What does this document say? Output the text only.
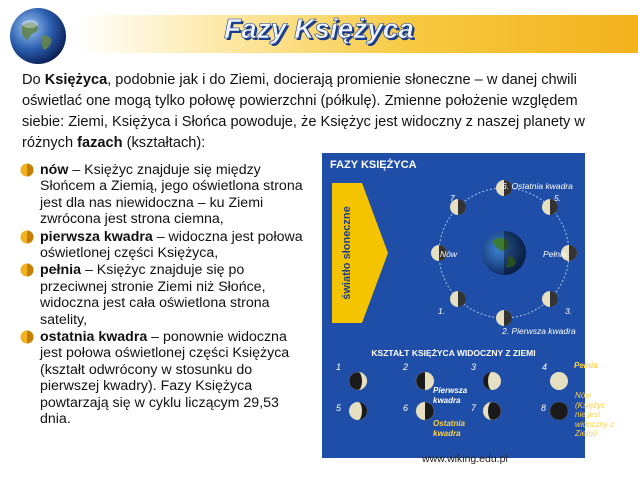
Fazy Księżyca
Do Księżyca, podobnie jak i do Ziemi, docierają promienie słoneczne – w danej chwili oświetlać one mogą tylko połowę powierzchni (półkulę). Zmienne położenie względem siebie: Ziemi, Księżyca i Słońca powoduje, że Księżyc jest widoczny z naszej planety w różnych fazach (kształtach):
nów – Księżyc znajduje się między Słońcem a Ziemią, jego oświetlona strona jest dla nas niewidoczna – ku Ziemi zwrócona jest strona ciemna,
pierwsza kwadra – widoczna jest połowa oświetlonej części Księżyca,
pełnia – Księżyc znajduje się po przeciwnej stronie Ziemi niż Słońce, widoczna jest cała oświetlona strona satelity,
ostatnia kwadra – ponownie widoczna jest połowa oświetlonej części Księżyca (kształt odwrócony w stosunku do pierwszej kwadry). Fazy Księżyca powtarzają się w cyklu liczącym 29,53 dnia.
FAZY KSIĘŻYCA
światło słoneczne
6. Ostatnia kwadra
7.	5.
Nów	Pełnia
1.	3.
2. Pierwsza kwadra
KSZTAŁT KSIĘŻYCA WIDOCZNY Z ZIEMI
1	2	3	4
5	6	7	8
Pełnia
Pierwsza kwadra
Ostatnia kwadra
Nów (Księżyc nie jest widoczny z Ziemi)
www.wiking.edu.pl
